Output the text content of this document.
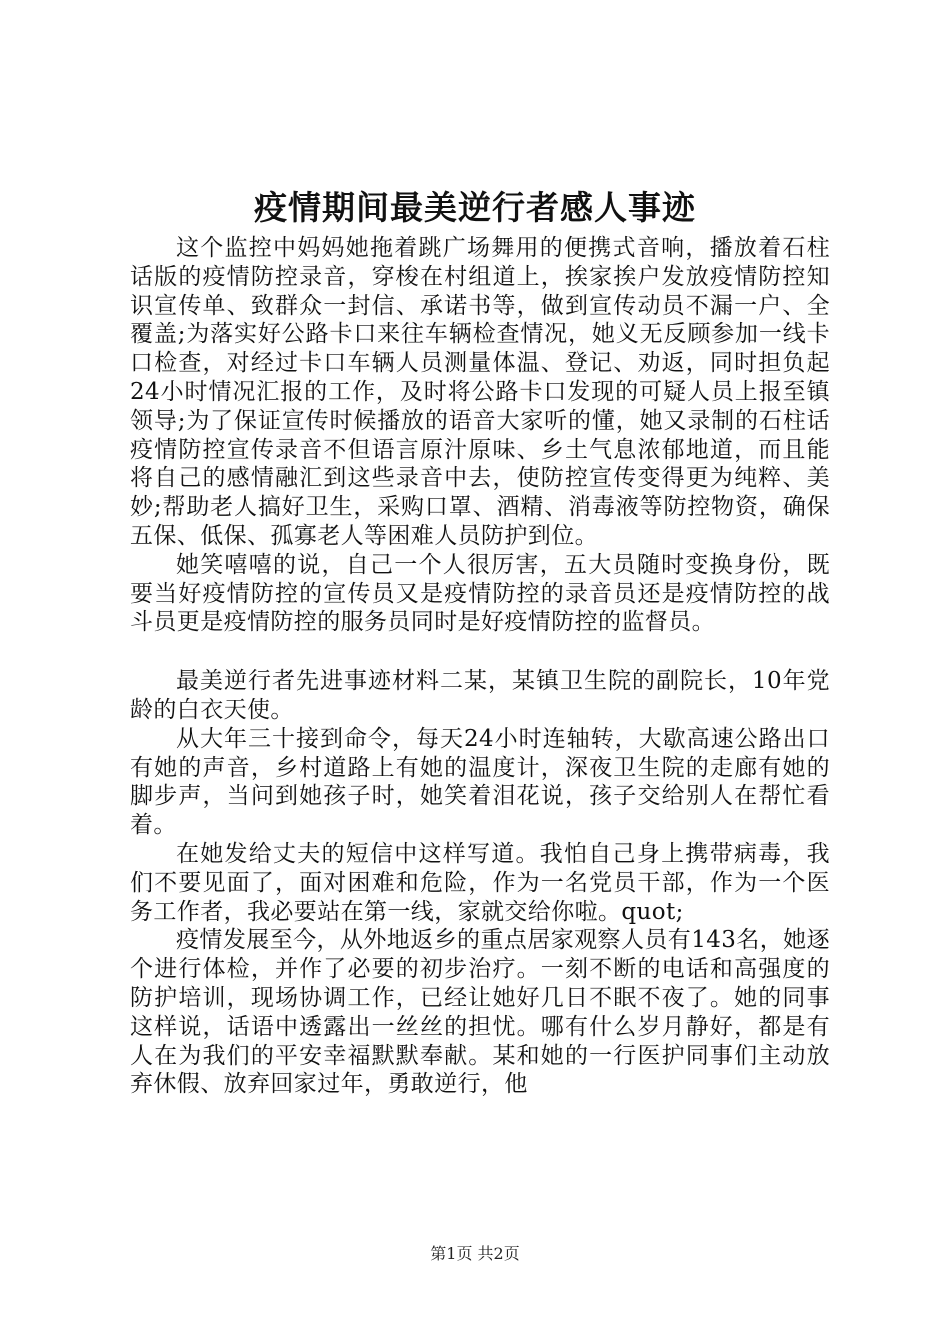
疫情期间最美逆行者感人事迹

这个监控中妈妈她拖着跳广场舞用的便携式音响，播放着石柱话版的疫情防控录音，穿梭在村组道上，挨家挨户发放疫情防控知识宣传单、致群众一封信、承诺书等，做到宣传动员不漏一户、全覆盖;为落实好公路卡口来往车辆检查情况，她义无反顾参加一线卡口检查，对经过卡口车辆人员测量体温、登记、劝返，同时担负起24小时情况汇报的工作，及时将公路卡口发现的可疑人员上报至镇领导;为了保证宣传时候播放的语音大家听的懂，她又录制的石柱话疫情防控宣传录音不但语言原汁原味、乡土气息浓郁地道，而且能将自己的感情融汇到这些录音中去，使防控宣传变得更为纯粹、美妙;帮助老人搞好卫生，采购口罩、酒精、消毒液等防控物资，确保五保、低保、孤寡老人等困难人员防护到位。

她笑嘻嘻的说，自己一个人很厉害，五大员随时变换身份，既要当好疫情防控的宣传员又是疫情防控的录音员还是疫情防控的战斗员更是疫情防控的服务员同时是好疫情防控的监督员。

最美逆行者先进事迹材料二某，某镇卫生院的副院长，10年党龄的白衣天使。

从大年三十接到命令，每天24小时连轴转，大歇高速公路出口有她的声音，乡村道路上有她的温度计，深夜卫生院的走廊有她的脚步声，当问到她孩子时，她笑着泪花说，孩子交给别人在帮忙看着。

在她发给丈夫的短信中这样写道。我怕自己身上携带病毒，我们不要见面了，面对困难和危险，作为一名党员干部，作为一个医务工作者，我必要站在第一线，家就交给你啦。quot;

疫情发展至今，从外地返乡的重点居家观察人员有143名，她逐个进行体检，并作了必要的初步治疗。一刻不断的电话和高强度的防护培训，现场协调工作，已经让她好几日不眠不夜了。她的同事这样说，话语中透露出一丝丝的担忧。哪有什么岁月静好，都是有人在为我们的平安幸福默默奉献。某和她的一行医护同事们主动放弃休假、放弃回家过年，勇敢逆行，他

第1页 共2页
